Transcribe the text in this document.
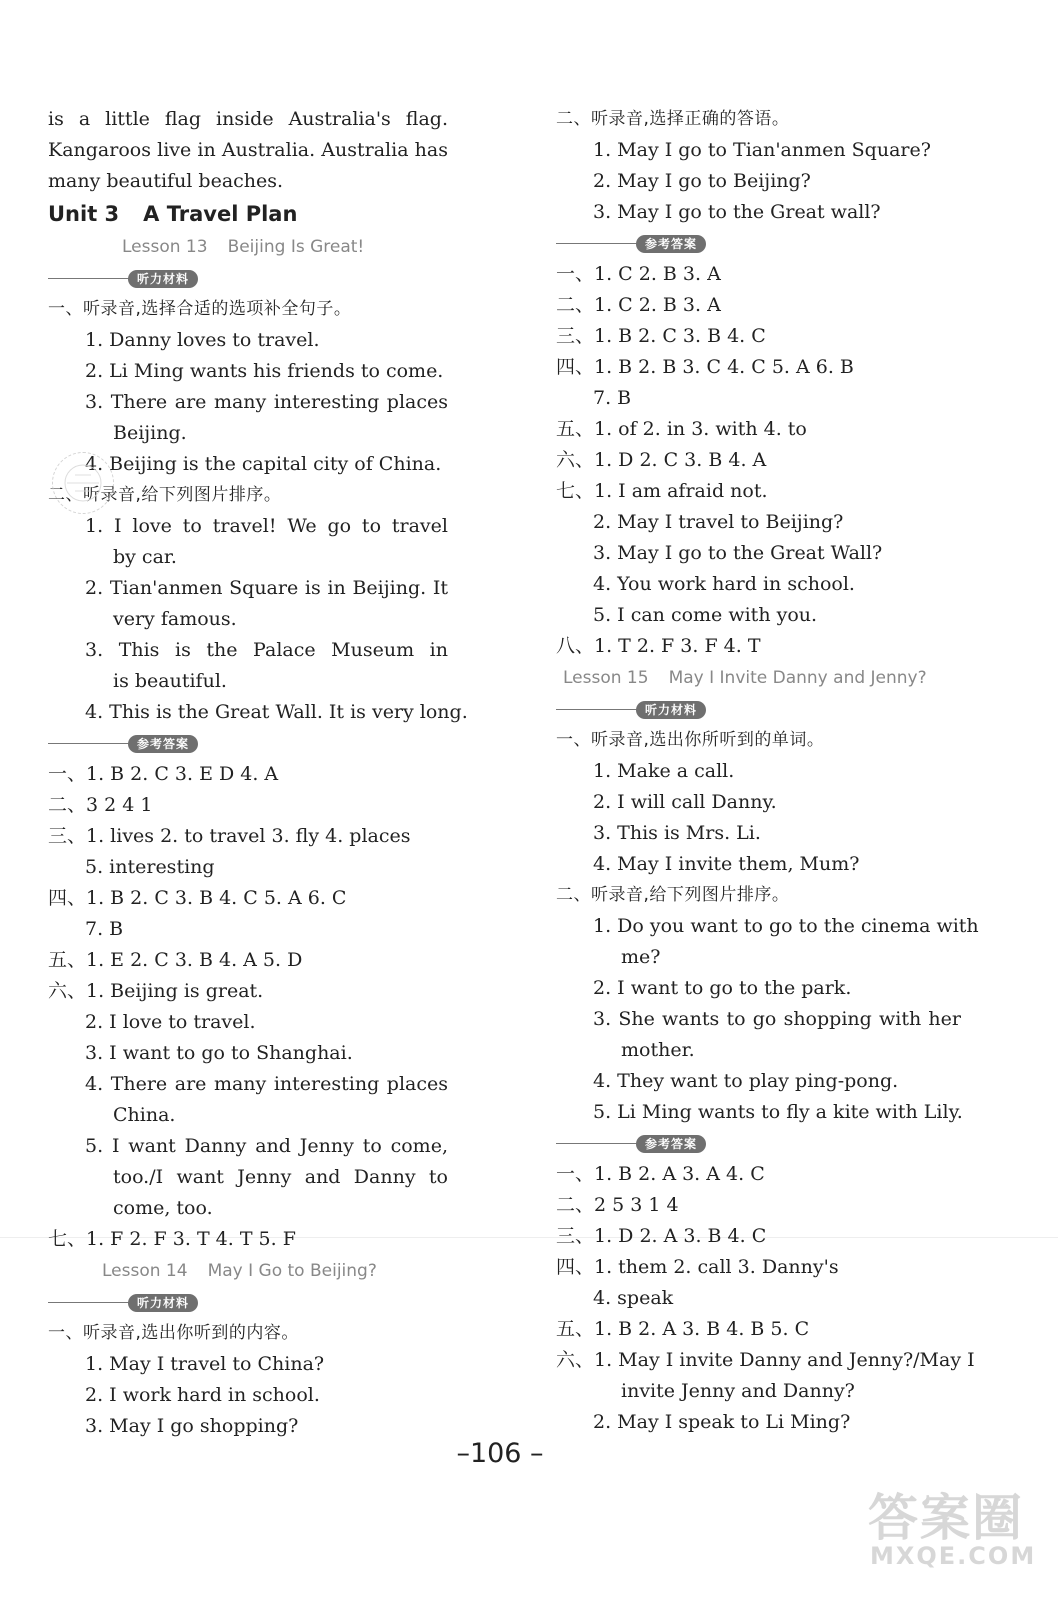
is a little flag inside Australia's flag.
Kangaroos live in Australia. Australia has
many beautiful beaches.
Unit 3 A Travel Plan
Lesson 13 Beijing Is Great!
听力材料
一、听录音,选择合适的选项补全句子。
1. Danny loves to travel.
2. Li Ming wants his friends to come.
3. There are many interesting places
Beijing.
4. Beijing is the capital city of China.
二、听录音,给下列图片排序。
1. I love to travel! We go to travel
by car.
2. Tian'anmen Square is in Beijing. It
very famous.
3. This is the Palace Museum in
is beautiful.
4. This is the Great Wall. It is very long.
参考答案
一、1. B 2. C 3. E D 4. A
二、3 2 4 1
三、1. lives 2. to travel 3. fly 4. places
5. interesting
四、1. B 2. C 3. B 4. C 5. A 6. C
7. B
五、1. E 2. C 3. B 4. A 5. D
六、1. Beijing is great.
2. I love to travel.
3. I want to go to Shanghai.
4. There are many interesting places
China.
5. I want Danny and Jenny to come,
too./I want Jenny and Danny to
come, too.
七、1. F 2. F 3. T 4. T 5. F
Lesson 14 May I Go to Beijing?
听力材料
一、听录音,选出你听到的内容。
1. May I travel to China?
2. I work hard in school.
3. May I go shopping?
二、听录音,选择正确的答语。
1. May I go to Tian'anmen Square?
2. May I go to Beijing?
3. May I go to the Great wall?
参考答案
一、1. C 2. B 3. A
二、1. C 2. B 3. A
三、1. B 2. C 3. B 4. C
四、1. B 2. B 3. C 4. C 5. A 6. B
7. B
五、1. of 2. in 3. with 4. to
六、1. D 2. C 3. B 4. A
七、1. I am afraid not.
2. May I travel to Beijing?
3. May I go to the Great Wall?
4. You work hard in school.
5. I can come with you.
八、1. T 2. F 3. F 4. T
Lesson 15 May I Invite Danny and Jenny?
听力材料
一、听录音,选出你所听到的单词。
1. Make a call.
2. I will call Danny.
3. This is Mrs. Li.
4. May I invite them, Mum?
二、听录音,给下列图片排序。
1. Do you want to go to the cinema with
me?
2. I want to go to the park.
3. She wants to go shopping with her
mother.
4. They want to play ping-pong.
5. Li Ming wants to fly a kite with Lily.
参考答案
一、1. B 2. A 3. A 4. C
二、2 5 3 1 4
三、1. D 2. A 3. B 4. C
四、1. them 2. call 3. Danny's
4. speak
五、1. B 2. A 3. B 4. B 5. C
六、1. May I invite Danny and Jenny?/May I
invite Jenny and Danny?
2. May I speak to Li Ming?
–106 –
答案圈
MXQE.COM
